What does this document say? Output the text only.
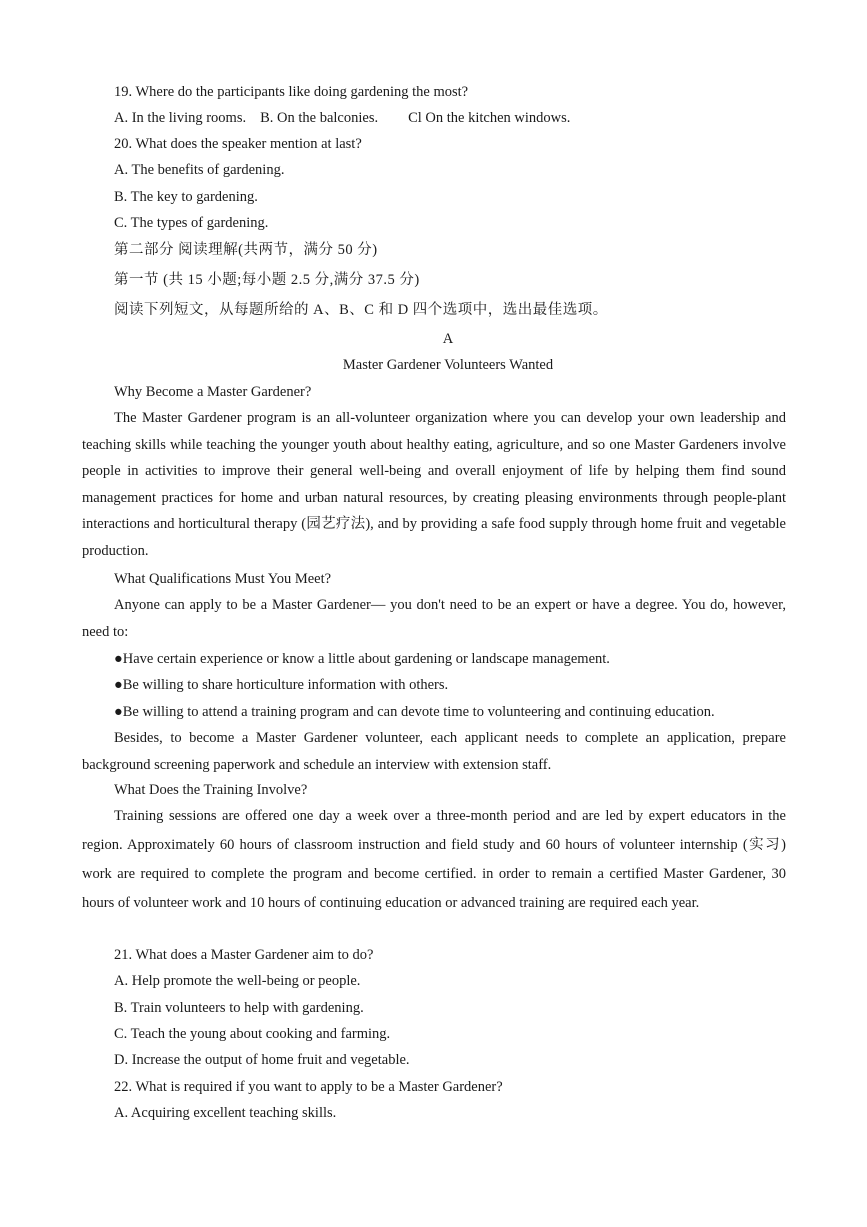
19. Where do the participants like doing gardening the most?
A. In the living rooms. B. On the balconies. Cl On the kitchen windows.
20. What does the speaker mention at last?
A. The benefits of gardening.
B. The key to gardening.
C. The types of gardening.
第二部分 阅读理解(共两节，满分 50 分)
第一节 (共 15 小题;每小题 2.5 分,满分 37.5 分)
阅读下列短文，从每题所给的 A、B、C 和 D 四个选项中，选出最佳选项。
A
Master Gardener Volunteers Wanted
Why Become a Master Gardener?
The Master Gardener program is an all-volunteer organization where you can develop your own leadership and teaching skills while teaching the younger youth about healthy eating, agriculture, and so one Master Gardeners involve people in activities to improve their general well-being and overall enjoyment of life by helping them find sound management practices for home and urban natural resources, by creating pleasing environments through people-plant interactions and horticultural therapy (园艺疗法), and by providing a safe food supply through home fruit and vegetable production.
What Qualifications Must You Meet?
Anyone can apply to be a Master Gardener— you don't need to be an expert or have a degree. You do, however, need to:
●Have certain experience or know a little about gardening or landscape management.
●Be willing to share horticulture information with others.
●Be willing to attend a training program and can devote time to volunteering and continuing education.
Besides, to become a Master Gardener volunteer, each applicant needs to complete an application, prepare background screening paperwork and schedule an interview with extension staff.
What Does the Training Involve?
Training sessions are offered one day a week over a three-month period and are led by expert educators in the region. Approximately 60 hours of classroom instruction and field study and 60 hours of volunteer internship (实习) work are required to complete the program and become certified. in order to remain a certified Master Gardener, 30 hours of volunteer work and 10 hours of continuing education or advanced training are required each year.
21. What does a Master Gardener aim to do?
A. Help promote the well-being or people.
B. Train volunteers to help with gardening.
C. Teach the young about cooking and farming.
D. Increase the output of home fruit and vegetable.
22. What is required if you want to apply to be a Master Gardener?
A. Acquiring excellent teaching skills.
